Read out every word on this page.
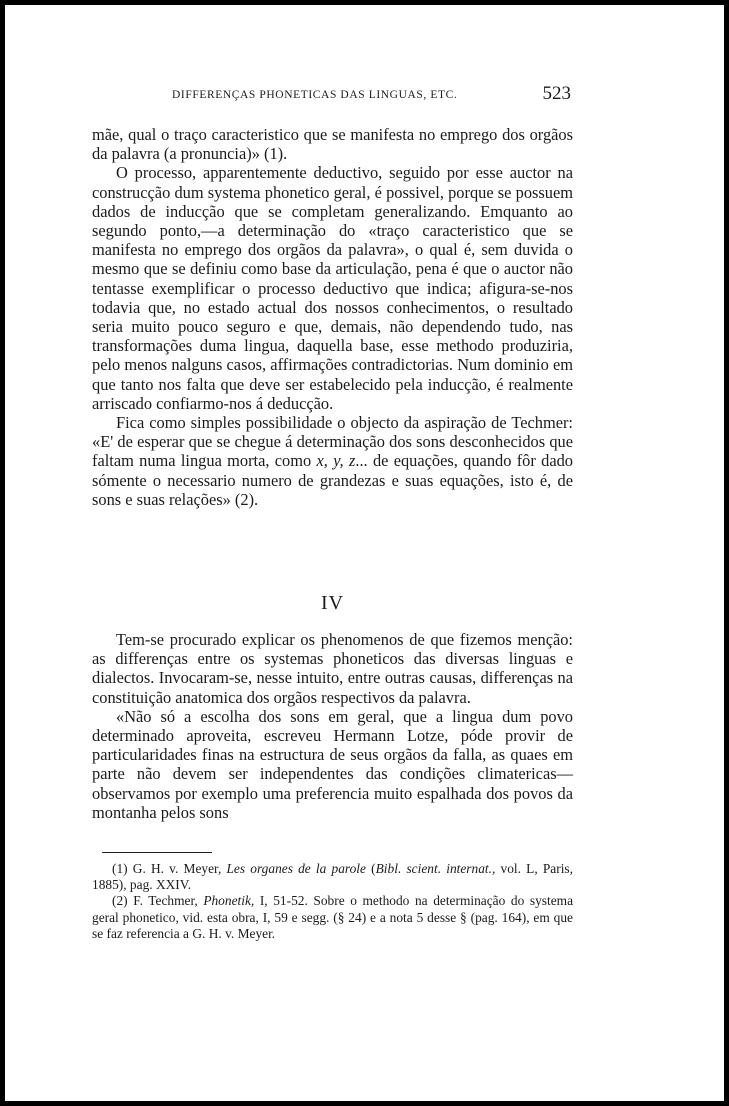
DIFFERENÇAS PHONETICAS DAS LINGUAS, ETC.	523

mãe, qual o traço caracteristico que se manifesta no emprego dos orgãos da palavra (a pronuncia)» (1).

O processo, apparentemente deductivo, seguido por esse auctor na construcção dum systema phonetico geral, é possivel, porque se possuem dados de inducção que se completam generalizando. Emquanto ao segundo ponto,—a determinação do «traço caracteristico que se manifesta no emprego dos orgãos da palavra», o qual é, sem duvida o mesmo que se definiu como base da articulação, pena é que o auctor não tentasse exemplificar o processo deductivo que indica; afigura-se-nos todavia que, no estado actual dos nossos conhecimentos, o resultado seria muito pouco seguro e que, demais, não dependendo tudo, nas transformações duma lingua, daquella base, esse methodo produziria, pelo menos nalguns casos, affirmações contradictorias. Num dominio em que tanto nos falta que deve ser estabelecido pela inducção, é realmente arriscado confiarmo-nos á deducção.

Fica como simples possibilidade o objecto da aspiração de Techmer: «E' de esperar que se chegue á determinação dos sons desconhecidos que faltam numa lingua morta, como x, y, z... de equações, quando fôr dado sómente o necessario numero de grandezas e suas equações, isto é, de sons e suas relações» (2).

IV

Tem-se procurado explicar os phenomenos de que fizemos menção: as differenças entre os systemas phoneticos das diversas linguas e dialectos. Invocaram-se, nesse intuito, entre outras causas, differenças na constituição anatomica dos orgãos respectivos da palavra.

«Não só a escolha dos sons em geral, que a lingua dum povo determinado aproveita, escreveu Hermann Lotze, póde provir de particularidades finas na estructura de seus orgãos da falla, as quaes em parte não devem ser independentes das condições climatericas—observamos por exemplo uma preferencia muito espalhada dos povos da montanha pelos sons

(1) G. H. v. Meyer, Les organes de la parole (Bibl. scient. internat., vol. L, Paris, 1885), pag. XXIV.

(2) F. Techmer, Phonetik, I, 51-52. Sobre o methodo na determinação do systema geral phonetico, vid. esta obra, I, 59 e segg. (§ 24) e a nota 5 desse § (pag. 164), em que se faz referencia a G. H. v. Meyer.
